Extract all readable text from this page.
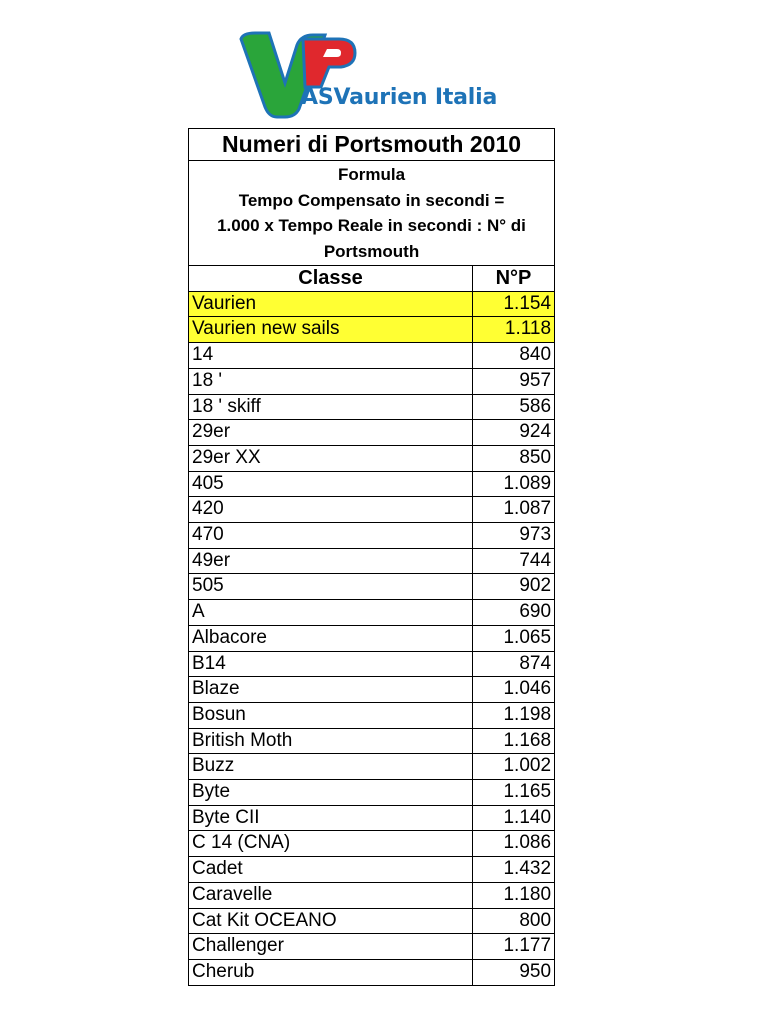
ASVaurien Italia
Numeri di Portsmouth 2010	

Formula
Tempo Compensato in secondi =
1.000 x Tempo Reale in secondi : N° di
Portsmouth	

Classe	N°P
Vaurien	1.154
Vaurien new sails	1.118
14	840
18 '	957
18 ' skiff	586
29er	924
29er XX	850
405	1.089
420	1.087
470	973
49er	744
505	902
A	690
Albacore	1.065
B14	874
Blaze	1.046
Bosun	1.198
British Moth	1.168
Buzz	1.002
Byte	1.165
Byte CII	1.140
C 14 (CNA)	1.086
Cadet	1.432
Caravelle	1.180
Cat Kit OCEANO	800
Challenger	1.177
Cherub	950
